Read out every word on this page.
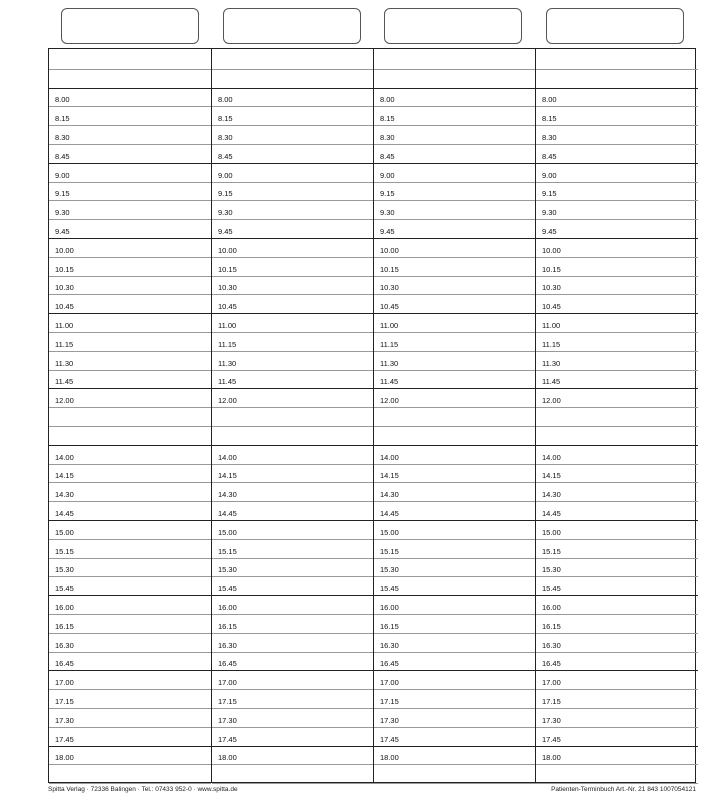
8.00
8.15
8.30
8.45
9.00
9.15
9.30
9.45
10.00
10.15
10.30
10.45
11.00
11.15
11.30
11.45
12.00
14.00
14.15
14.30
14.45
15.00
15.15
15.30
15.45
16.00
16.15
16.30
16.45
17.00
17.15
17.30
17.45
18.00
8.00
8.15
8.30
8.45
9.00
9.15
9.30
9.45
10.00
10.15
10.30
10.45
11.00
11.15
11.30
11.45
12.00
14.00
14.15
14.30
14.45
15.00
15.15
15.30
15.45
16.00
16.15
16.30
16.45
17.00
17.15
17.30
17.45
18.00
8.00
8.15
8.30
8.45
9.00
9.15
9.30
9.45
10.00
10.15
10.30
10.45
11.00
11.15
11.30
11.45
12.00
14.00
14.15
14.30
14.45
15.00
15.15
15.30
15.45
16.00
16.15
16.30
16.45
17.00
17.15
17.30
17.45
18.00
8.00
8.15
8.30
8.45
9.00
9.15
9.30
9.45
10.00
10.15
10.30
10.45
11.00
11.15
11.30
11.45
12.00
14.00
14.15
14.30
14.45
15.00
15.15
15.30
15.45
16.00
16.15
16.30
16.45
17.00
17.15
17.30
17.45
18.00
Spitta Verlag · 72336 Balingen · Tel.: 07433 952-0 · www.spitta.de	Patienten-Terminbuch Art.-Nr. 21 843 1007054121
